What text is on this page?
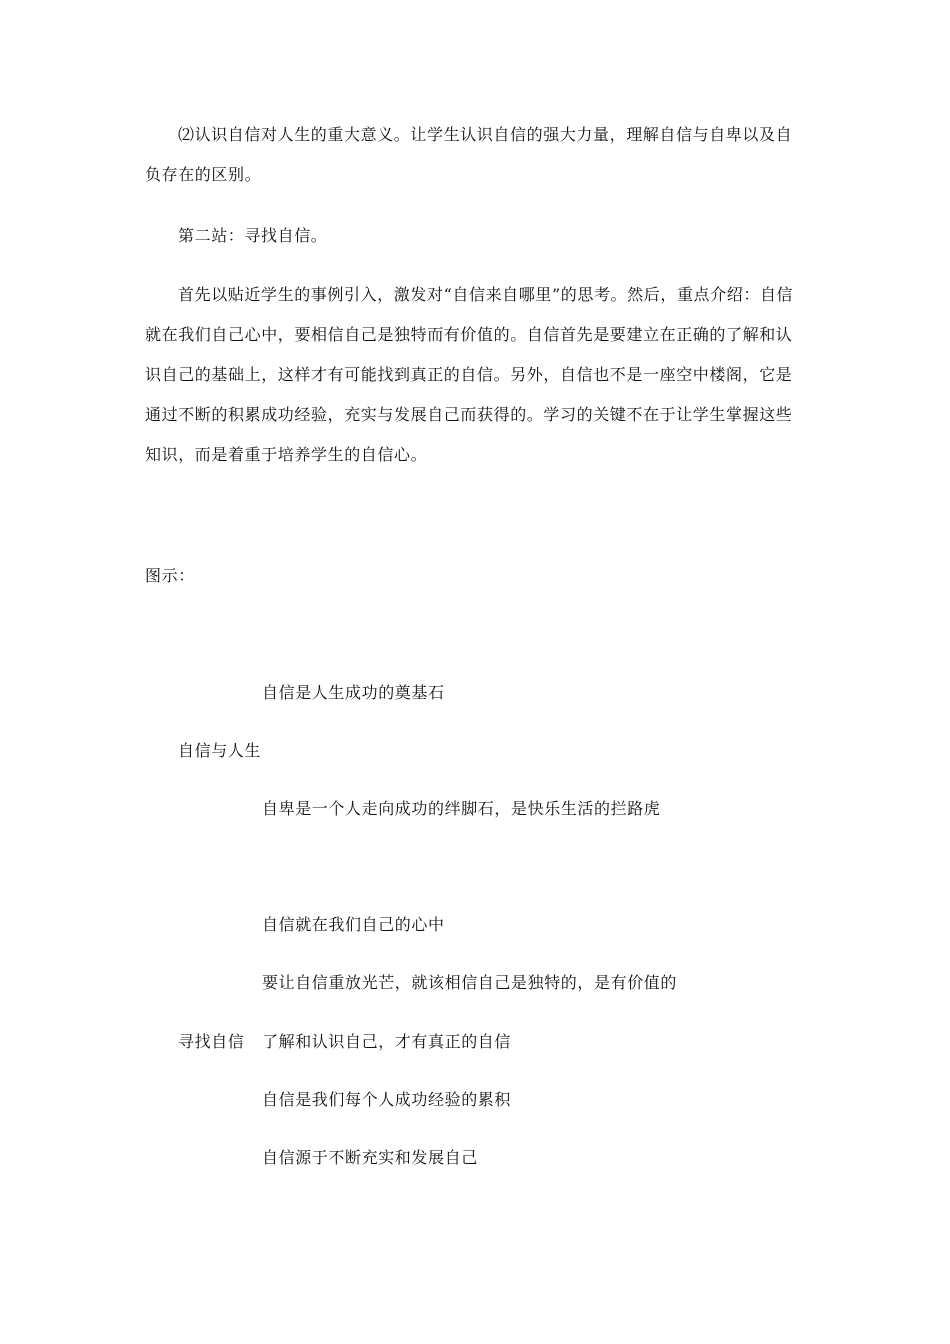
⑵认识自信对人生的重大意义。让学生认识自信的强大力量，理解自信与自卑以及自负存在的区别。
第二站：寻找自信。
首先以贴近学生的事例引入，激发对“自信来自哪里”的思考。然后，重点介绍：自信就在我们自己心中，要相信自己是独特而有价值的。自信首先是要建立在正确的了解和认识自己的基础上，这样才有可能找到真正的自信。另外，自信也不是一座空中楼阁，它是通过不断的积累成功经验，充实与发展自己而获得的。学习的关键不在于让学生掌握这些知识，而是着重于培养学生的自信心。
图示：
自信是人生成功的奠基石
自信与人生
自卑是一个人走向成功的绊脚石，是快乐生活的拦路虎
自信就在我们自己的心中
要让自信重放光芒，就该相信自己是独特的，是有价值的
寻找自信 了解和认识自己，才有真正的自信
自信是我们每个人成功经验的累积
自信源于不断充实和发展自己
